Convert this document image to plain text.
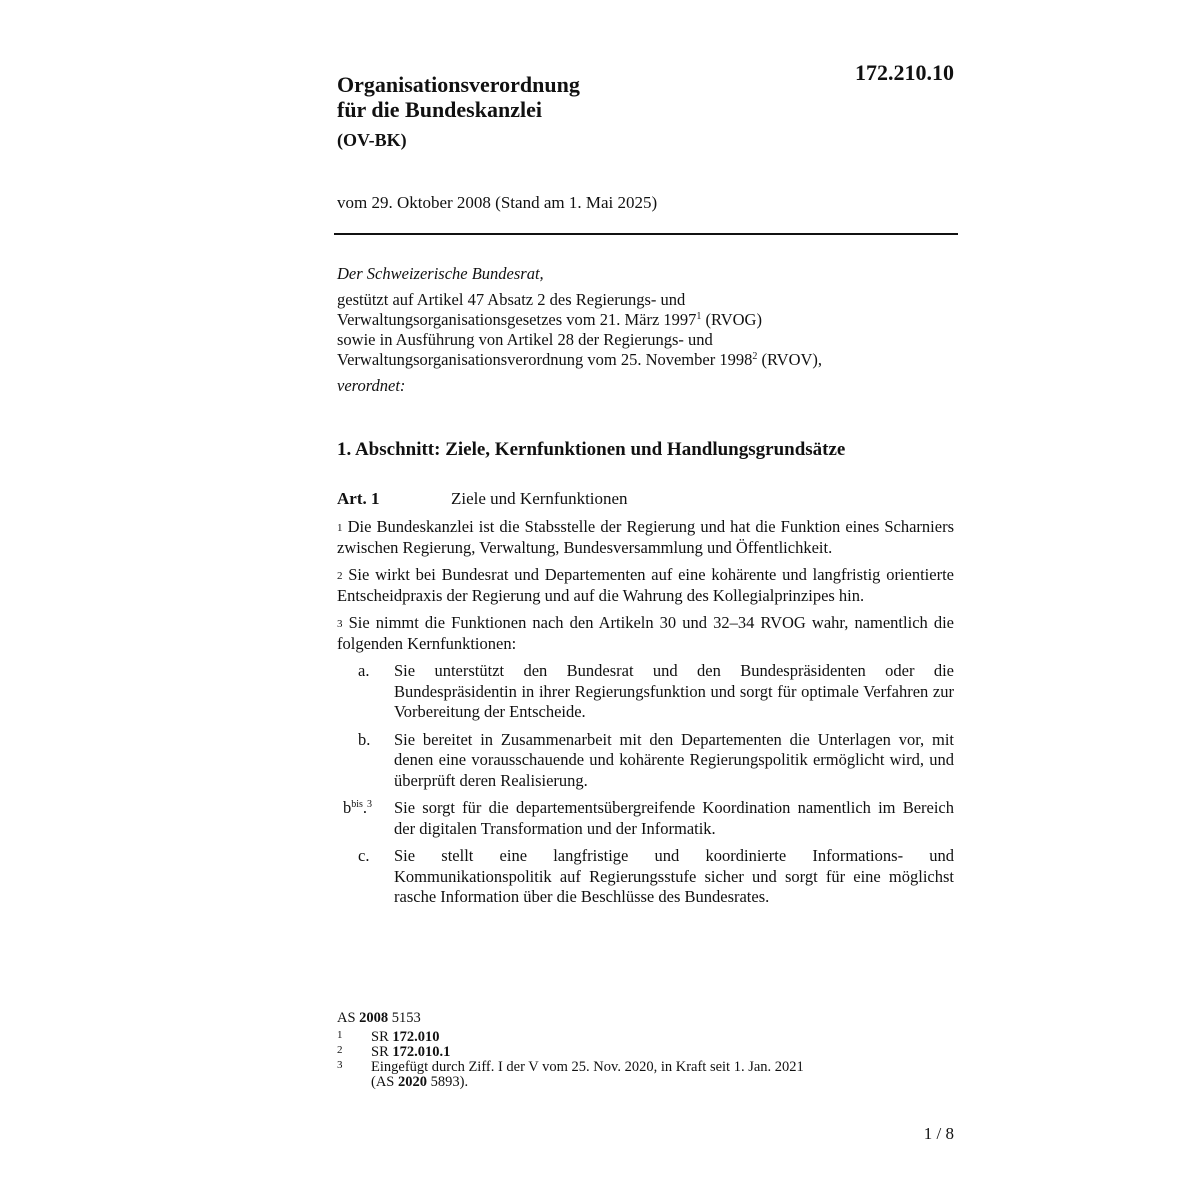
172.210.10
Organisationsverordnung
für die Bundeskanzlei
(OV-BK)
vom 29. Oktober 2008 (Stand am 1. Mai 2025)
Der Schweizerische Bundesrat,
gestützt auf Artikel 47 Absatz 2 des Regierungs- und
Verwaltungsorganisationsgesetzes vom 21. März 1997$^1$ (RVOG)
sowie in Ausführung von Artikel 28 der Regierungs- und
Verwaltungsorganisationsverordnung vom 25. November 1998$^2$ (RVOV),
verordnet:
1. Abschnitt: Ziele, Kernfunktionen und Handlungsgrundsätze
Art. 1	Ziele und Kernfunktionen
$^1$ Die Bundeskanzlei ist die Stabsstelle der Regierung und hat die Funktion eines Scharniers zwischen Regierung, Verwaltung, Bundesversammlung und Öffentlichkeit.
$^2$ Sie wirkt bei Bundesrat und Departementen auf eine kohärente und langfristig orientierte Entscheidpraxis der Regierung und auf die Wahrung des Kollegialprinzipes hin.
$^3$ Sie nimmt die Funktionen nach den Artikeln 30 und 32–34 RVOG wahr, namentlich die folgenden Kernfunktionen:
a. Sie unterstützt den Bundesrat und den Bundespräsidenten oder die Bundespräsidentin in ihrer Regierungsfunktion und sorgt für optimale Verfahren zur Vorbereitung der Entscheide.
b. Sie bereitet in Zusammenarbeit mit den Departementen die Unterlagen vor, mit denen eine vorausschauende und kohärente Regierungspolitik ermöglicht wird, und überprüft deren Realisierung.
$b^{bis}.^3$ Sie sorgt für die departementsübergreifende Koordination namentlich im Bereich der digitalen Transformation und der Informatik.
c. Sie stellt eine langfristige und koordinierte Informations- und Kommunikationspolitik auf Regierungsstufe sicher und sorgt für eine möglichst rasche Information über die Beschlüsse des Bundesrates.
AS 2008 5153
1 SR 172.010
2 SR 172.010.1
3 Eingefügt durch Ziff. I der V vom 25. Nov. 2020, in Kraft seit 1. Jan. 2021
(AS 2020 5893).
1 / 8
